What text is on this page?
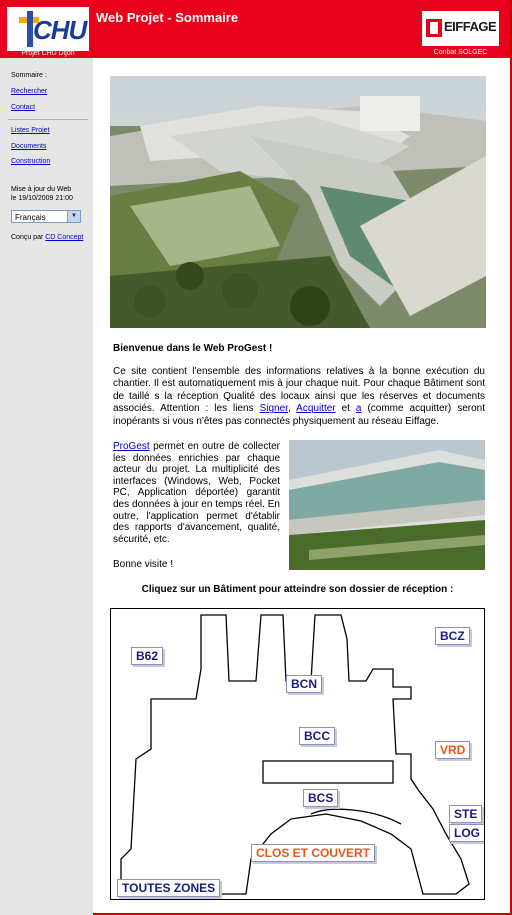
CHU
Projet CHU Dijon
Web Projet - Sommaire
EIFFAGE
Conbat SOLGEC
Sommaire :
Rechercher
Contact
Listes Projet
Documents
Construction
Mise à jour du Web
le 19/10/2009 21:00
Français	▼
Conçu par CD Concept
Bienvenue dans le Web ProGest !
Ce site contient l'ensemble des informations relatives à la bonne exécution du chantier. Il est automatiquement mis à jour chaque nuit. Pour chaque Bâtiment sont de taillé s la réception Qualité des locaux ainsi que les réserves et documents associés. Attention : les liens Signer, Acquitter et a (comme acquitter) seront inopérants si vous n'êtes pas connectés physiquement au réseau Eiffage.
ProGest permet en outre de collecter les données enrichies par chaque acteur du projet. La multiplicité des interfaces (Windows, Web, Pocket PC, Application déportée) garantit des données à jour en temps réel. En outre, l'application permet d'établir des rapports d'avancement, qualité, sécurité, etc.
Bonne visite !
Cliquez sur un Bâtiment pour atteindre son dossier de réception :
B62
BCZ
BCN
BCC
VRD
BCS
STE
LOG
CLOS ET COUVERT
TOUTES ZONES
